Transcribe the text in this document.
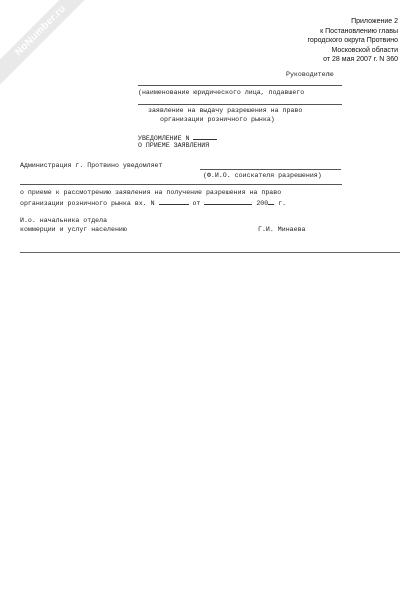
NoNumber.ru	Приложение 2
к Постановлению главы
городского округа Протвино
Московской области
от 28 мая 2007 г. N 360
Руководителю
(наименование юридического лица, подавшего
заявление на выдачу разрешения на право
организации розничного рынка)
УВЕДОМЛЕНИЕ N
О ПРИЕМЕ ЗАЯВЛЕНИЯ
Администрация г. Протвино уведомляет
(Ф.И.О. соискателя разрешения)
о приеме к рассмотрению заявления на получение разрешения на право
организации розничного рынка вх. N	от	200 г.
И.о. начальника отдела
коммерции и услуг населению	Г.И. Минаева
